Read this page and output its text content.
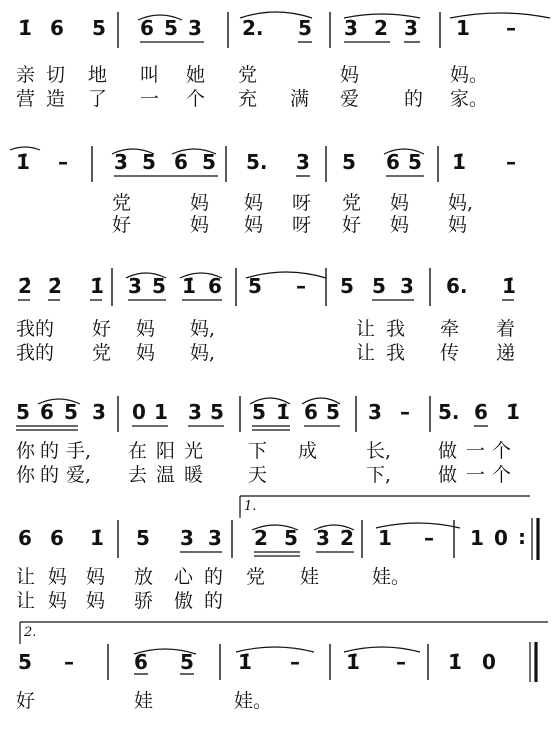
1̇ 6 5 6 5 3 2. 5 3 2 3 1 –
亲 切 地 叫 她 党	妈	妈。
营 造 了 一 个 充 满 爱 的 家。
1̇ – 3 5 6 5 5. 3 5 6 5 1̇ –
党	妈 妈 呀 党 妈 妈,
好	妈 妈 呀 好 妈 妈
2̇ 2̇ 1̇ 3 5 1̇ 6 5 – 5 5 3 6. 1̇
我的 好 妈 妈,	让 我 牵 着
我的 党 妈 妈,	让 我 传 递
5 6 5 3 0 1 3 5 5 1̇ 6 5 3 – 5. 6 1̇
你 的 手, 在 阳 光 下 成	长, 做 一 个
你 的 爱, 去 温 暖 天	下, 做 一 个
1.
6 6 1̇ 5 3 3 2 5 3 2 1 – 1 0 :
让 妈 妈 放 心 的 党 娃	娃。
让 妈 妈 骄 傲 的
2.
5 –	6 5 1̇ – 1̇ – 1̇ 0
好	娃	娃。
